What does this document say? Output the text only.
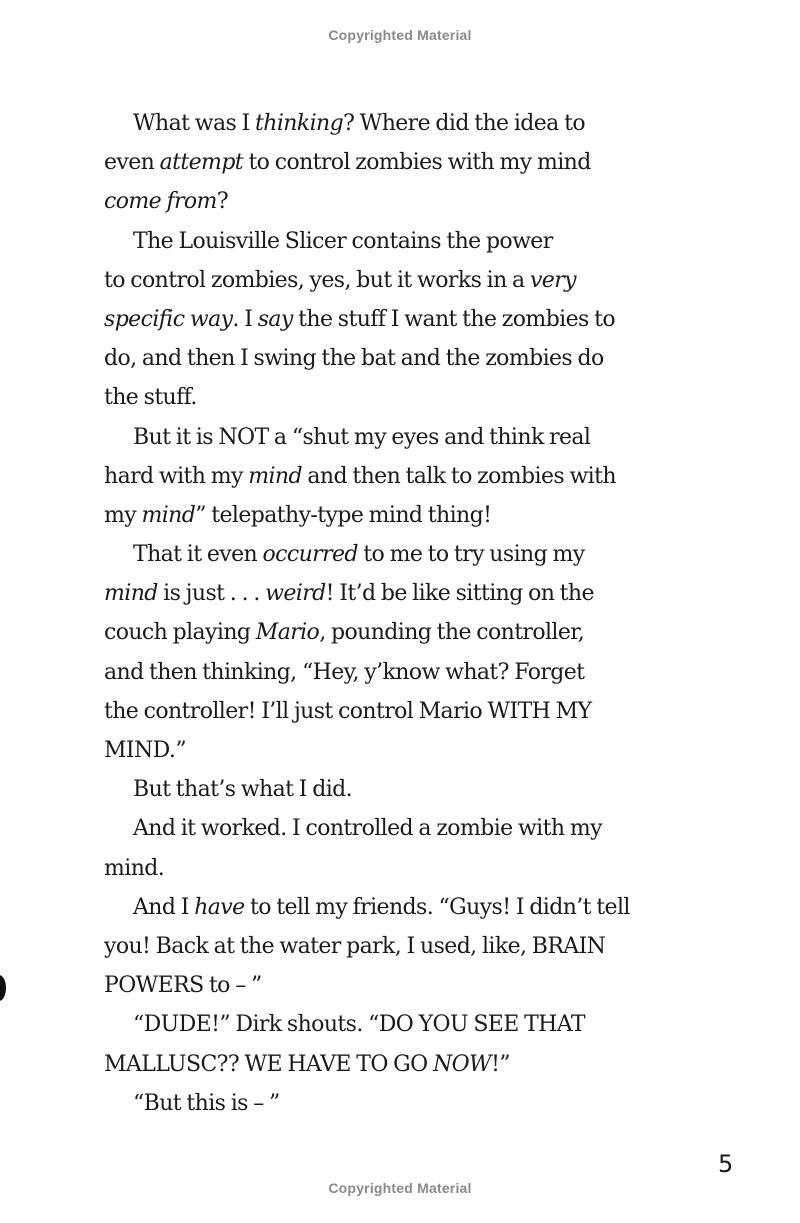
Copyrighted Material
What was I thinking? Where did the idea to
even attempt to control zombies with my mind
come from?
The Louisville Slicer contains the power
to control zombies, yes, but it works in a very
specific way. I say the stuff I want the zombies to
do, and then I swing the bat and the zombies do
the stuff.
But it is NOT a “shut my eyes and think real
hard with my mind and then talk to zombies with
my mind” telepathy-type mind thing!
That it even occurred to me to try using my
mind is just . . . weird! It’d be like sitting on the
couch playing Mario, pounding the controller,
and then thinking, “Hey, y’know what? Forget
the controller! I’ll just control Mario WITH MY
MIND.”
But that’s what I did.
And it worked. I controlled a zombie with my
mind.
And I have to tell my friends. “Guys! I didn’t tell
you! Back at the water park, I used, like, BRAIN
POWERS to – ”
“DUDE!” Dirk shouts. “DO YOU SEE THAT
MALLUSC?? WE HAVE TO GO NOW!”
“But this is – ”
5
Copyrighted Material
